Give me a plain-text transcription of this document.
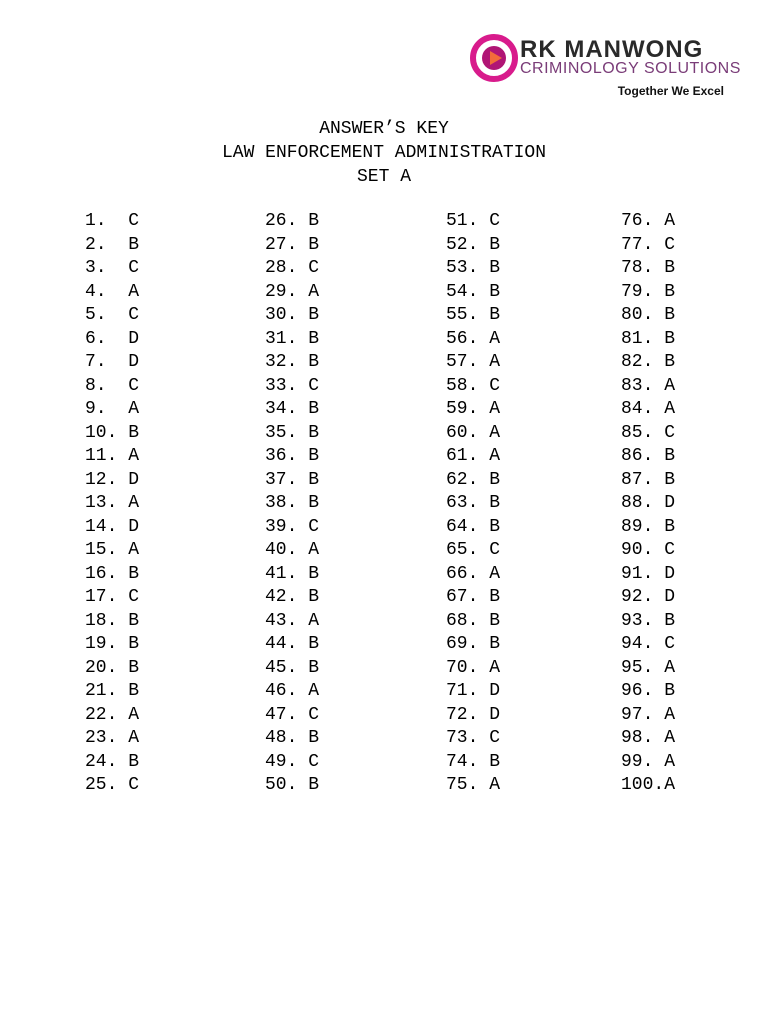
RK MANWONG
CRIMINOLOGY SOLUTIONS
Together We Excel
ANSWER’S KEY
LAW ENFORCEMENT ADMINISTRATION
SET A
1.  C
2.  B
3.  C
4.  A
5.  C
6.  D
7.  D
8.  C
9.  A
10. B
11. A
12. D
13. A
14. D
15. A
16. B
17. C
18. B
19. B
20. B
21. B
22. A
23. A
24. B
25. C
26. B
27. B
28. C
29. A
30. B
31. B
32. B
33. C
34. B
35. B
36. B
37. B
38. B
39. C
40. A
41. B
42. B
43. A
44. B
45. B
46. A
47. C
48. B
49. C
50. B
51. C
52. B
53. B
54. B
55. B
56. A
57. A
58. C
59. A
60. A
61. A
62. B
63. B
64. B
65. C
66. A
67. B
68. B
69. B
70. A
71. D
72. D
73. C
74. B
75. A
76. A
77. C
78. B
79. B
80. B
81. B
82. B
83. A
84. A
85. C
86. B
87. B
88. D
89. B
90. C
91. D
92. D
93. B
94. C
95. A
96. B
97. A
98. A
99. A
100.A
